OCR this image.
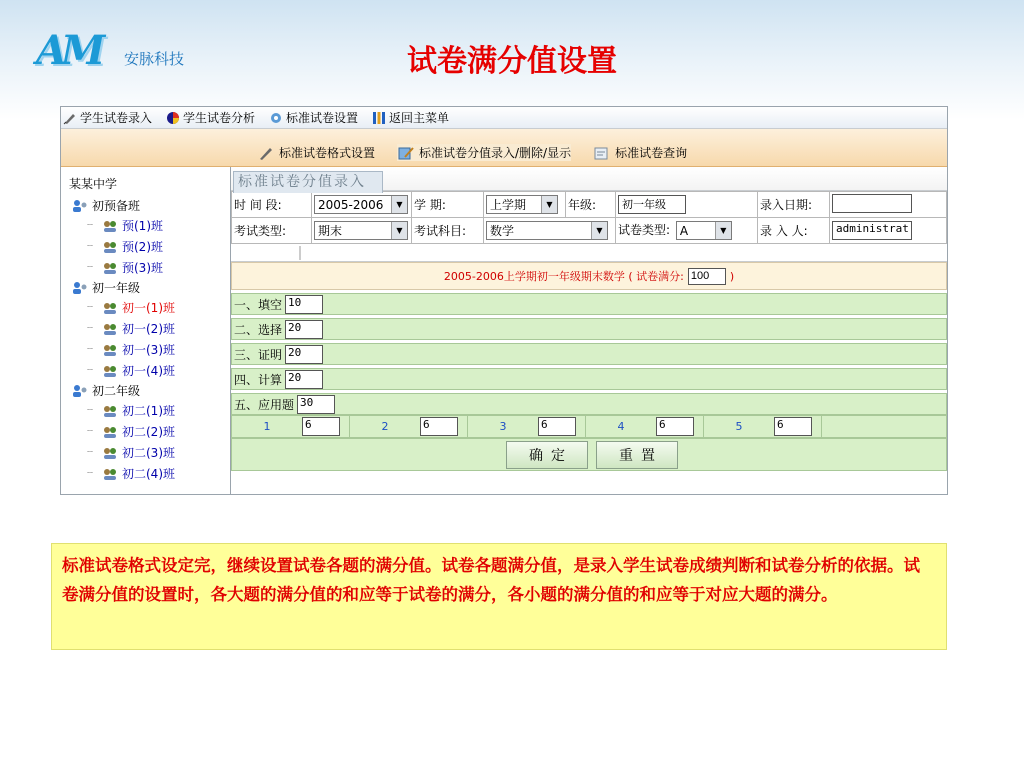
AM	安脉科技	试卷满分值设置
学生试卷录入	学生试卷分析	标准试卷设置	返回主菜单
标准试卷格式设置	标准试卷分值录入/删除/显示	标准试卷查询
某某中学
初预备班
┄	预(1)班
┄	预(2)班
┄	预(3)班
初一年级
┄	初一(1)班
┄	初一(2)班
┄	初一(3)班
┄	初一(4)班
初二年级
┄	初二(1)班
┄	初二(2)班
┄	初二(3)班
┄	初二(4)班
标准试卷分值录入
时 间 段:	2005-2006 ▼	学 期:	上学期 ▼	年级:	初一年级	录入日期:	
考试类型:	期末 ▼	考试科目:	数学 ▼		试卷类型: A ▼	录 入 人:	administrat
2005-2006上学期初一年级期末数学 ( 试卷满分:
100	)
一、填空 10
二、选择 20
三、证明 20
四、计算 20
五、应用题 30
1	6	2	6	3	6	4	6	5	6
确定	重置
标准试卷格式设定完，继续设置试卷各题的满分值。试卷各题满分值，是录入学生试卷成绩判断和试卷分析的依据。试卷满分值的设置时，各大题的满分值的和应等于试卷的满分，各小题的满分值的和应等于对应大题的满分。
